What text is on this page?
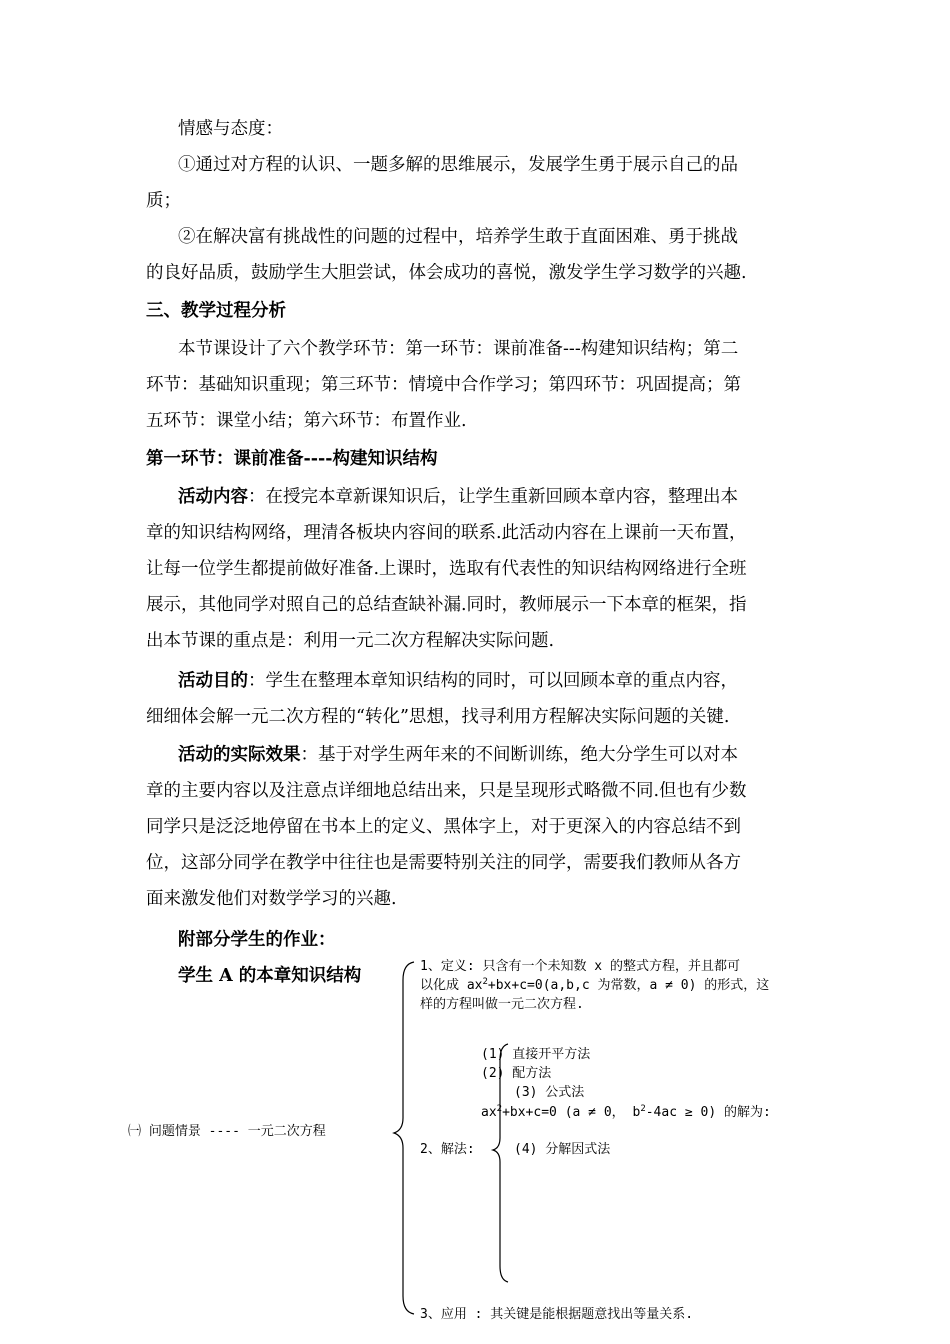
情感与态度：
①通过对方程的认识、一题多解的思维展示，发展学生勇于展示自己的品
质；
②在解决富有挑战性的问题的过程中，培养学生敢于直面困难、勇于挑战
的良好品质，鼓励学生大胆尝试，体会成功的喜悦，激发学生学习数学的兴趣.
三、教学过程分析
本节课设计了六个教学环节：第一环节：课前准备---构建知识结构；第二
环节：基础知识重现；第三环节：情境中合作学习；第四环节：巩固提高；第
五环节：课堂小结；第六环节：布置作业.
第一环节：课前准备----构建知识结构
活动内容：在授完本章新课知识后，让学生重新回顾本章内容，整理出本
章的知识结构网络，理清各板块内容间的联系.此活动内容在上课前一天布置，
让每一位学生都提前做好准备.上课时，选取有代表性的知识结构网络进行全班
展示，其他同学对照自己的总结查缺补漏.同时，教师展示一下本章的框架，指
出本节课的重点是：利用一元二次方程解决实际问题.
活动目的：学生在整理本章知识结构的同时，可以回顾本章的重点内容，
细细体会解一元二次方程的“转化”思想，找寻利用方程解决实际问题的关键.
活动的实际效果：基于对学生两年来的不间断训练，绝大分学生可以对本
章的主要内容以及注意点详细地总结出来，只是呈现形式略微不同.但也有少数
同学只是泛泛地停留在书本上的定义、黑体字上，对于更深入的内容总结不到
位，这部分同学在教学中往往也是需要特别关注的同学，需要我们教师从各方
面来激发他们对数学学习的兴趣.
附部分学生的作业：
学生 A 的本章知识结构
㈠ 问题情景 ---- 一元二次方程
1、定义: 只含有一个未知数 x 的整式方程，并且都可
以化成 $ax^2+bx+c=0(a,b,c$ 为常数，a ≠ 0) 的形式，这
样的方程叫做一元二次方程.
(1) 直接开平方法
(2) 配方法
(3) 公式法
$ax^2+bx+c=0$ (a ≠ 0， $b^2-4ac \ge 0$) 的解为:
2、解法:	(4) 分解因式法
3、应用 : 其关键是能根据题意找出等量关系.
